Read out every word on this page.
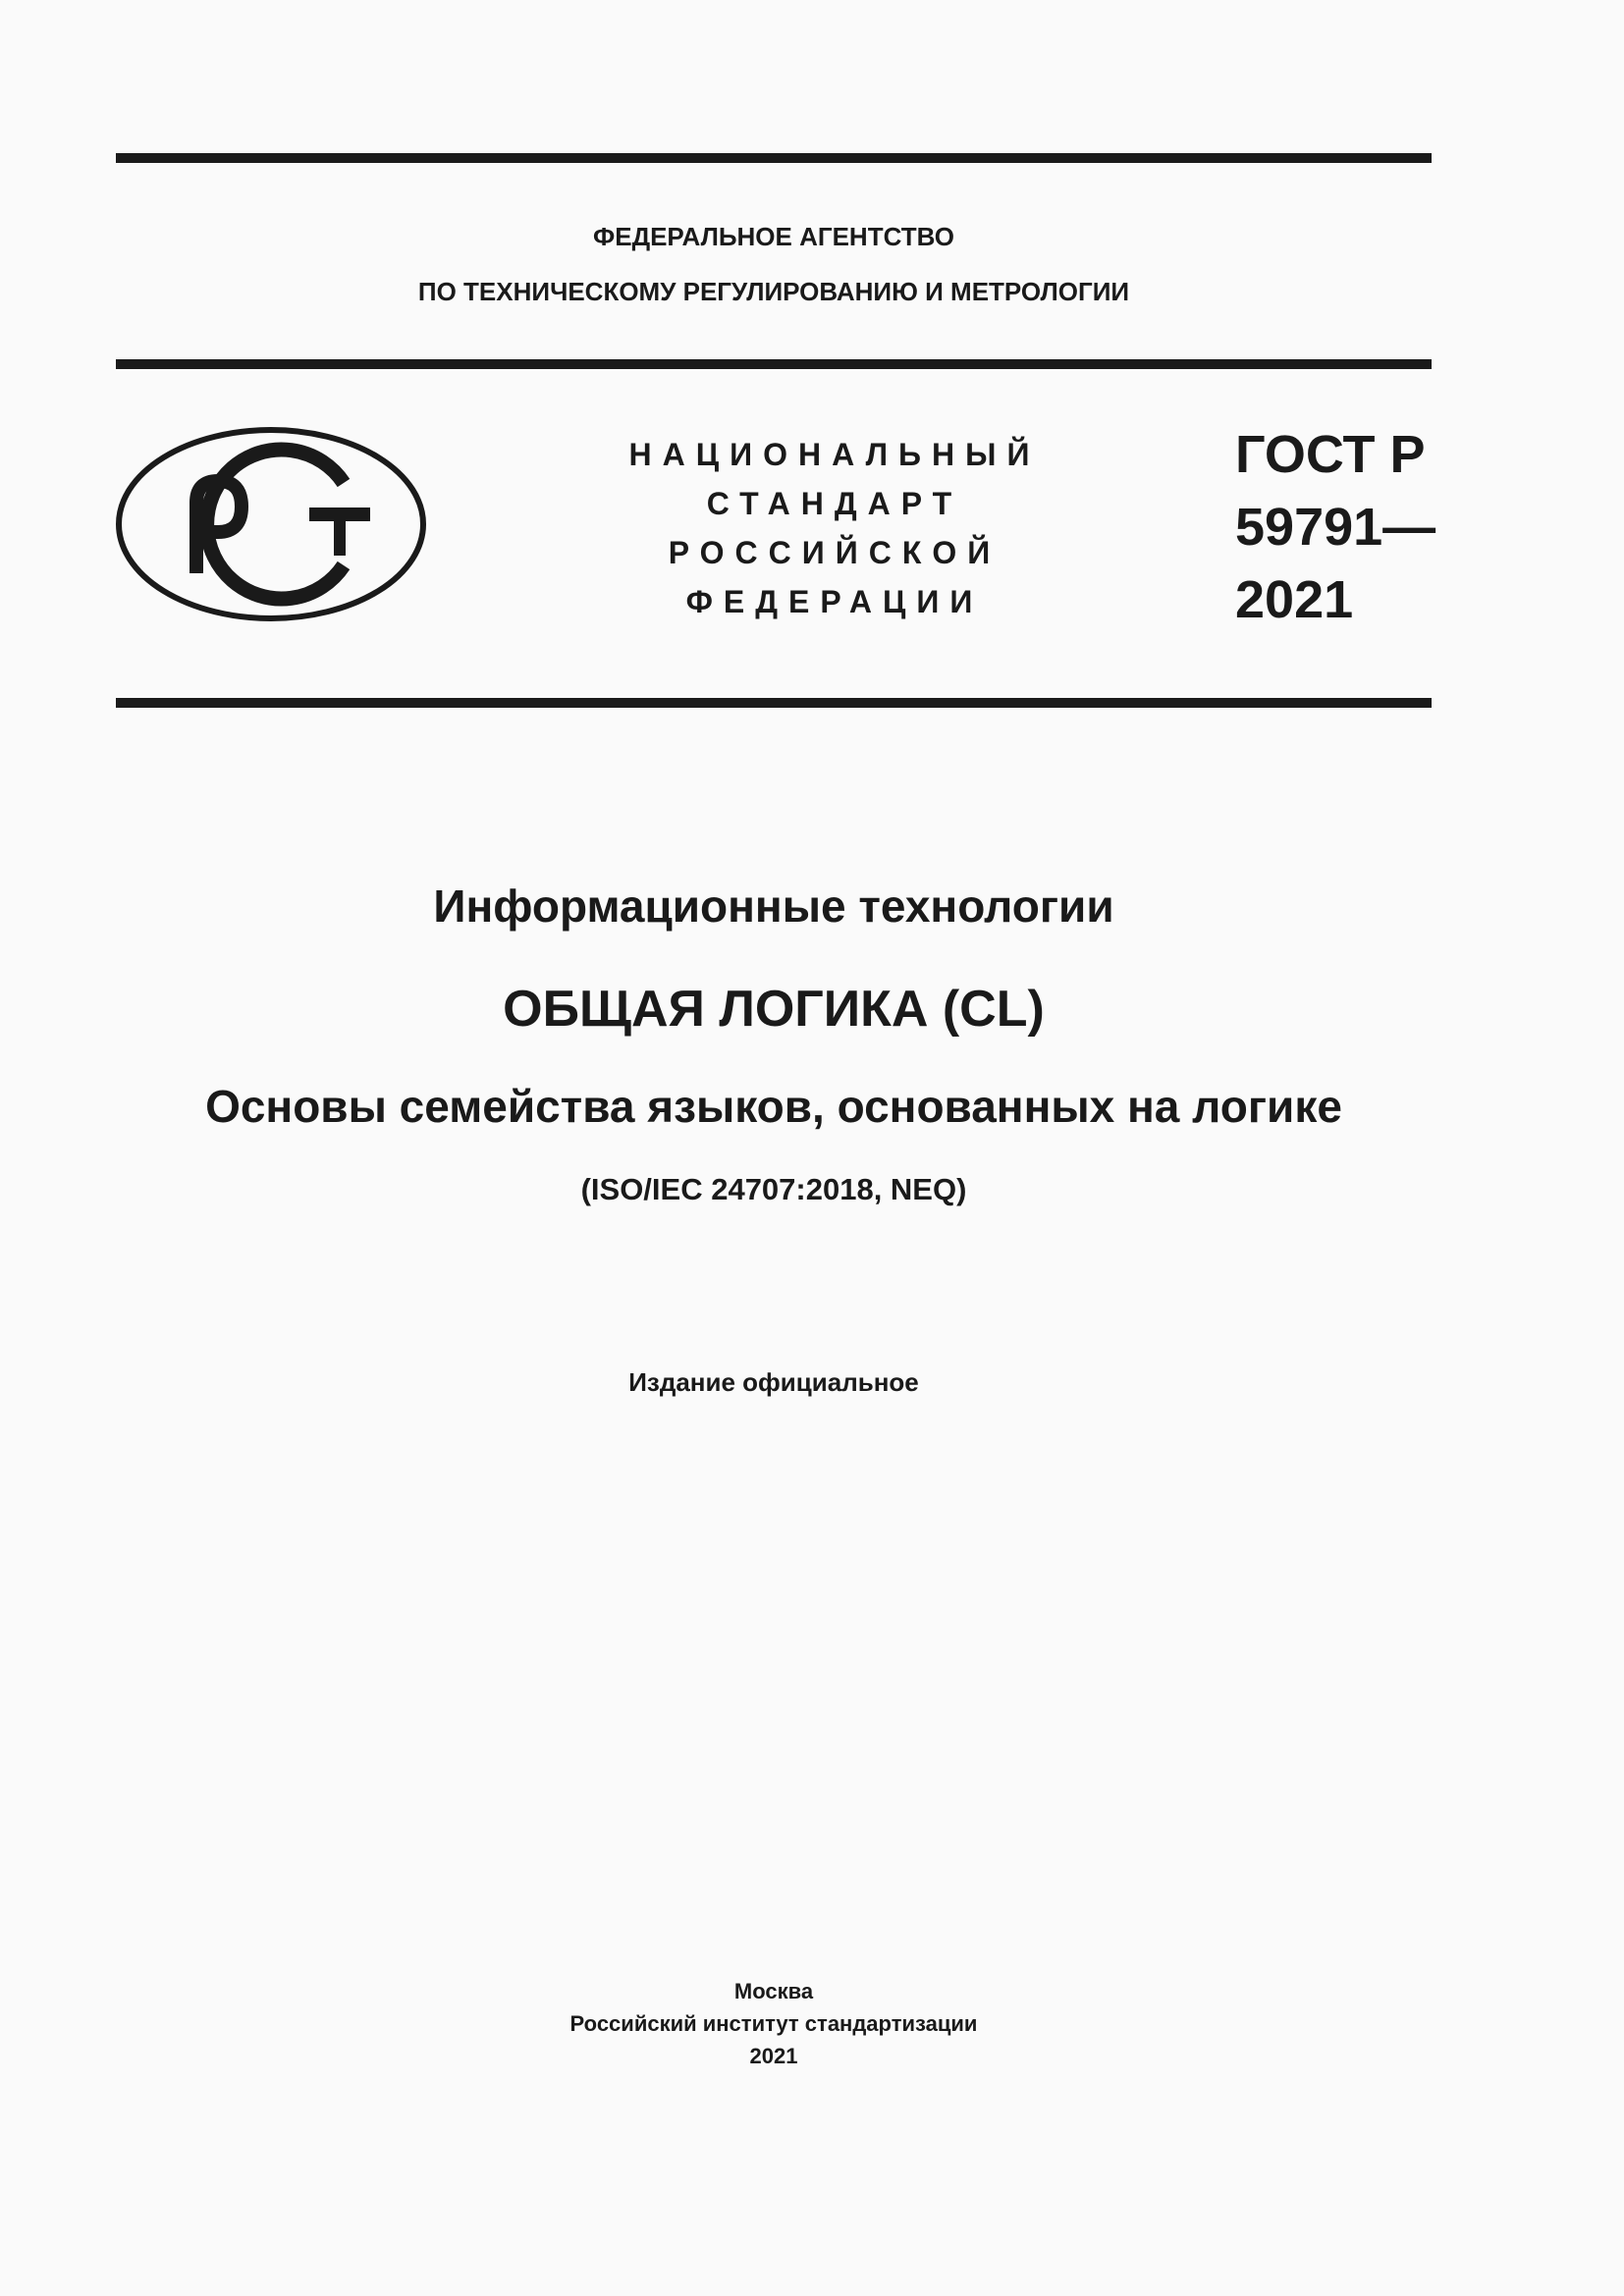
ФЕДЕРАЛЬНОЕ АГЕНТСТВО
ПО ТЕХНИЧЕСКОМУ РЕГУЛИРОВАНИЮ И МЕТРОЛОГИИ
НАЦИОНАЛЬНЫЙ
СТАНДАРТ
РОССИЙСКОЙ
ФЕДЕРАЦИИ
ГОСТ Р
59791—
2021
Информационные технологии
ОБЩАЯ ЛОГИКА (CL)
Основы семейства языков, основанных на логике
(ISO/IEC 24707:2018, NEQ)
Издание официальное
Москва
Российский институт стандартизации
2021
